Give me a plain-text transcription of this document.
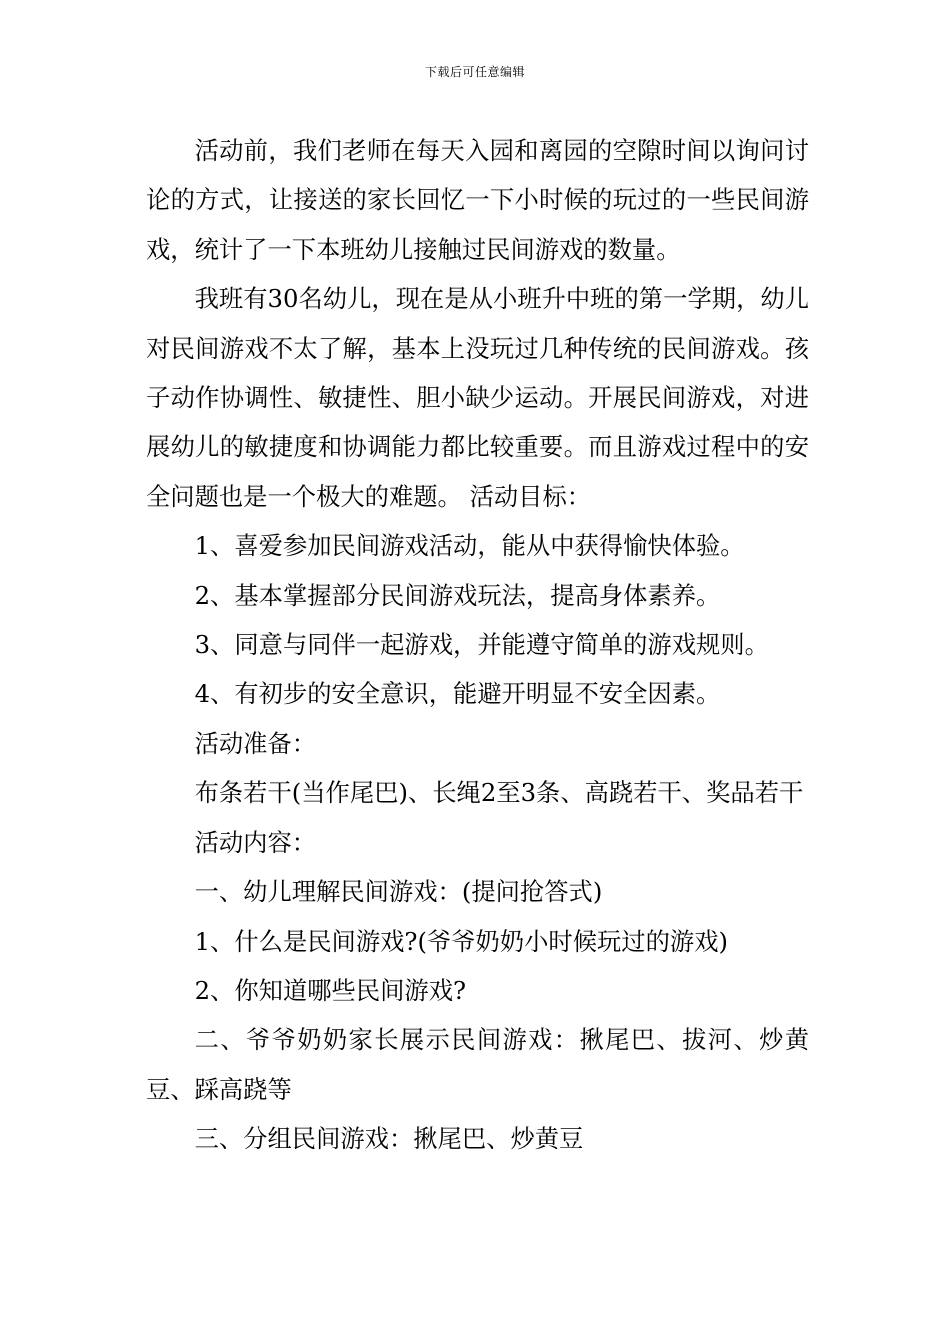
下载后可任意编辑

活动前，我们老师在每天入园和离园的空隙时间以询问讨论的方式，让接送的家长回忆一下小时候的玩过的一些民间游戏，统计了一下本班幼儿接触过民间游戏的数量。

我班有30名幼儿，现在是从小班升中班的第一学期，幼儿对民间游戏不太了解，基本上没玩过几种传统的民间游戏。孩子动作协调性、敏捷性、胆小缺少运动。开展民间游戏，对进展幼儿的敏捷度和协调能力都比较重要。而且游戏过程中的安全问题也是一个极大的难题。 活动目标：

1、喜爱参加民间游戏活动，能从中获得愉快体验。

2、基本掌握部分民间游戏玩法，提高身体素养。

3、同意与同伴一起游戏，并能遵守简单的游戏规则。

4、有初步的安全意识，能避开明显不安全因素。

活动准备：

布条若干(当作尾巴)、长绳2至3条、高跷若干、奖品若干

活动内容：

一、幼儿理解民间游戏：(提问抢答式)

1、什么是民间游戏?(爷爷奶奶小时候玩过的游戏)

2、你知道哪些民间游戏?

二、爷爷奶奶家长展示民间游戏：揪尾巴、拔河、炒黄豆、踩高跷等

三、分组民间游戏：揪尾巴、炒黄豆
